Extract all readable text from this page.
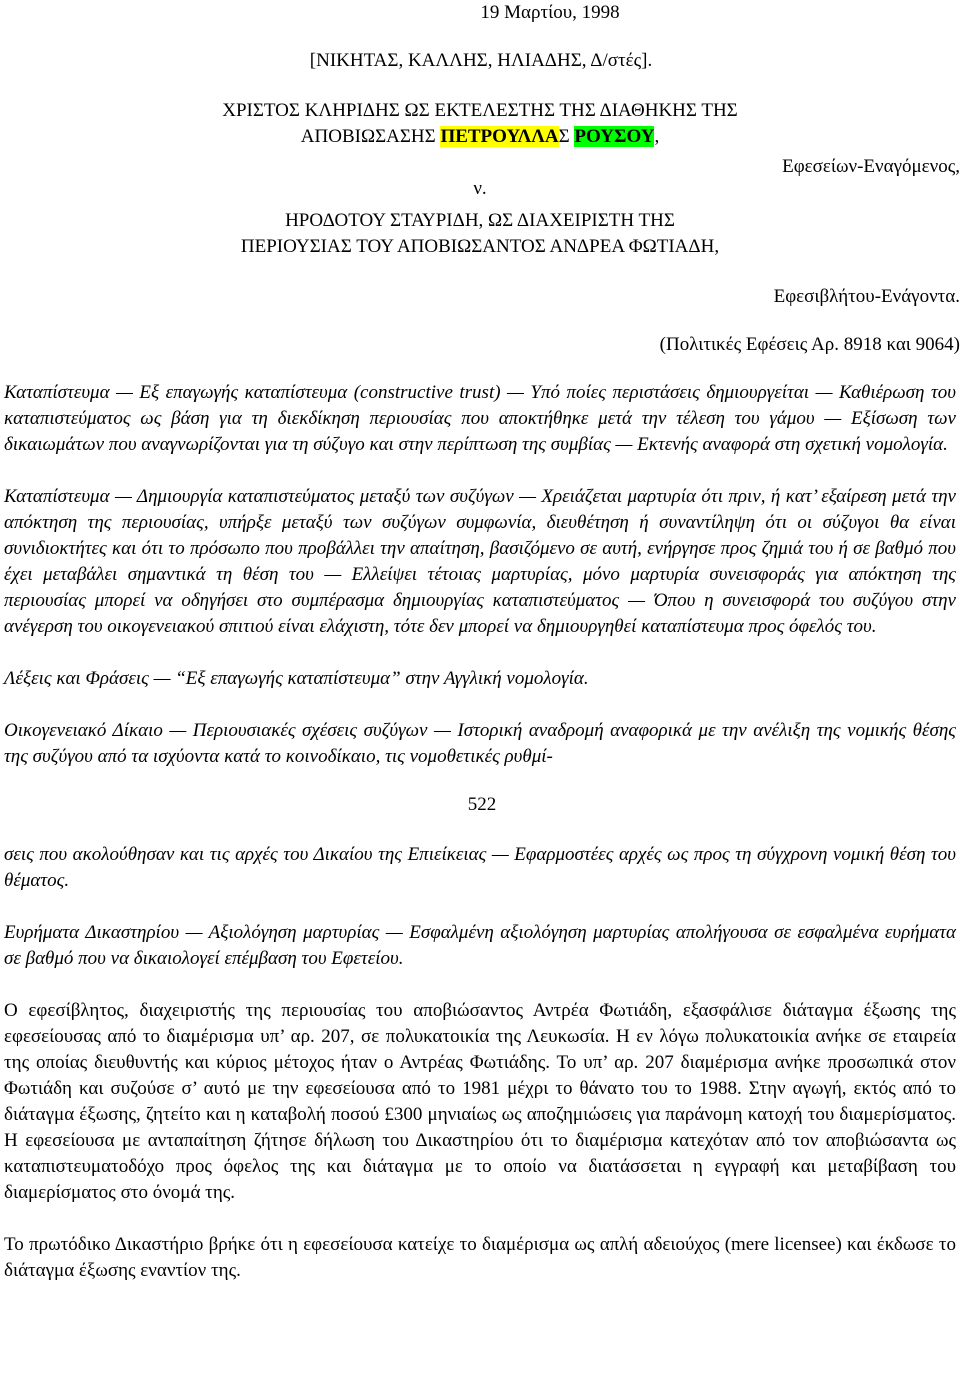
19 Μαρτίου, 1998
[ΝΙΚΗΤΑΣ, ΚΑΛΛΗΣ, ΗΛΙΑΔΗΣ, Δ/στές].
ΧΡΙΣΤΟΣ ΚΛΗΡΙΔΗΣ ΩΣ ΕΚΤΕΛΕΣΤΗΣ ΤΗΣ ΔΙΑΘΗΚΗΣ ΤΗΣ
ΑΠΟΒΙΩΣΑΣΗΣ ΠΕΤΡΟΥΛΛΑΣ ΡΟΥΣΟΥ,
Εφεσείων-Εναγόμενος,
ν.
ΗΡΟΔΟΤΟΥ ΣΤΑΥΡΙΔΗ, ΩΣ ΔΙΑΧΕΙΡΙΣΤΗ ΤΗΣ
ΠΕΡΙΟΥΣΙΑΣ ΤΟΥ ΑΠΟΒΙΩΣΑΝΤΟΣ ΑΝΔΡΕΑ ΦΩΤΙΑΔΗ,
Εφεσιβλήτου-Ενάγοντα.
(Πολιτικές Εφέσεις Αρ. 8918 και 9064)

Καταπίστευμα — Εξ επαγωγής καταπίστευμα (constructive trust) — Υπό ποίες περιστάσεις δημιουργείται — Καθιέρωση του καταπιστεύματος ως βάση για τη διεκδίκηση περιουσίας που αποκτήθηκε μετά την τέλεση του γάμου — Εξίσωση των δικαιωμάτων που αναγνωρίζονται για τη σύζυγο και στην περίπτωση της συμβίας — Εκτενής αναφορά στη σχετική νομολογία.

Καταπίστευμα — Δημιουργία καταπιστεύματος μεταξύ των συζύγων — Χρειάζεται μαρτυρία ότι πριν, ή κατ’ εξαίρεση μετά την απόκτηση της περιουσίας, υπήρξε μεταξύ των συζύγων συμφωνία, διευθέτηση ή συναντίληψη ότι οι σύζυγοι θα είναι συνιδιοκτήτες και ότι το πρόσωπο που προβάλλει την απαίτηση, βασιζόμενο σε αυτή, ενήργησε προς ζημιά του ή σε βαθμό που έχει μεταβάλει σημαντικά τη θέση του — Ελλείψει τέτοιας μαρτυρίας, μόνο μαρτυρία συνεισφοράς για απόκτηση της περιουσίας μπορεί να οδηγήσει στο συμπέρασμα δημιουργίας καταπιστεύματος — Όπου η συνεισφορά του συζύγου στην ανέγερση του οικογενειακού σπιτιού είναι ελάχιστη, τότε δεν μπορεί να δημιουργηθεί καταπίστευμα προς όφελός του.

Λέξεις και Φράσεις — “Εξ επαγωγής καταπίστευμα” στην Αγγλική νομολογία.

Οικογενειακό Δίκαιο — Περιουσιακές σχέσεις συζύγων — Ιστορική αναδρομή αναφορικά με την ανέλιξη της νομικής θέσης της συζύγου από τα ισχύοντα κατά το κοινοδίκαιο, τις νομοθετικές ρυθμί-

522

σεις που ακολούθησαν και τις αρχές του Δικαίου της Επιείκειας — Εφαρμοστέες αρχές ως προς τη σύγχρονη νομική θέση του θέματος.

Ευρήματα Δικαστηρίου — Αξιολόγηση μαρτυρίας — Εσφαλμένη αξιολόγηση μαρτυρίας απολήγουσα σε εσφαλμένα ευρήματα σε βαθμό που να δικαιολογεί επέμβαση του Εφετείου.

Ο εφεσίβλητος, διαχειριστής της περιουσίας του αποβιώσαντος Αντρέα Φωτιάδη, εξασφάλισε διάταγμα έξωσης της εφεσείουσας από το διαμέρισμα υπ’ αρ. 207, σε πολυκατοικία της Λευκωσία. Η εν λόγω πολυκατοικία ανήκε σε εταιρεία της οποίας διευθυντής και κύριος μέτοχος ήταν ο Αντρέας Φωτιάδης. Το υπ’ αρ. 207 διαμέρισμα ανήκε προσωπικά στον Φωτιάδη και συζούσε σ’ αυτό με την εφεσείουσα από το 1981 μέχρι το θάνατο του το 1988. Στην αγωγή, εκτός από το διάταγμα έξωσης, ζητείτο και η καταβολή ποσού £300 μηνιαίως ως αποζημιώσεις για παράνομη κατοχή του διαμερίσματος. Η εφεσείουσα με ανταπαίτηση ζήτησε δήλωση του Δικαστηρίου ότι το διαμέρισμα κατεχόταν από τον αποβιώσαντα ως καταπιστευματοδόχο προς όφελος της και διάταγμα με το οποίο να διατάσσεται η εγγραφή και μεταβίβαση του διαμερίσματος στο όνομά της.

Το πρωτόδικο Δικαστήριο βρήκε ότι η εφεσείουσα κατείχε το διαμέρισμα ως απλή αδειούχος (mere licensee) και έκδωσε το διάταγμα έξωσης εναντίον της.
